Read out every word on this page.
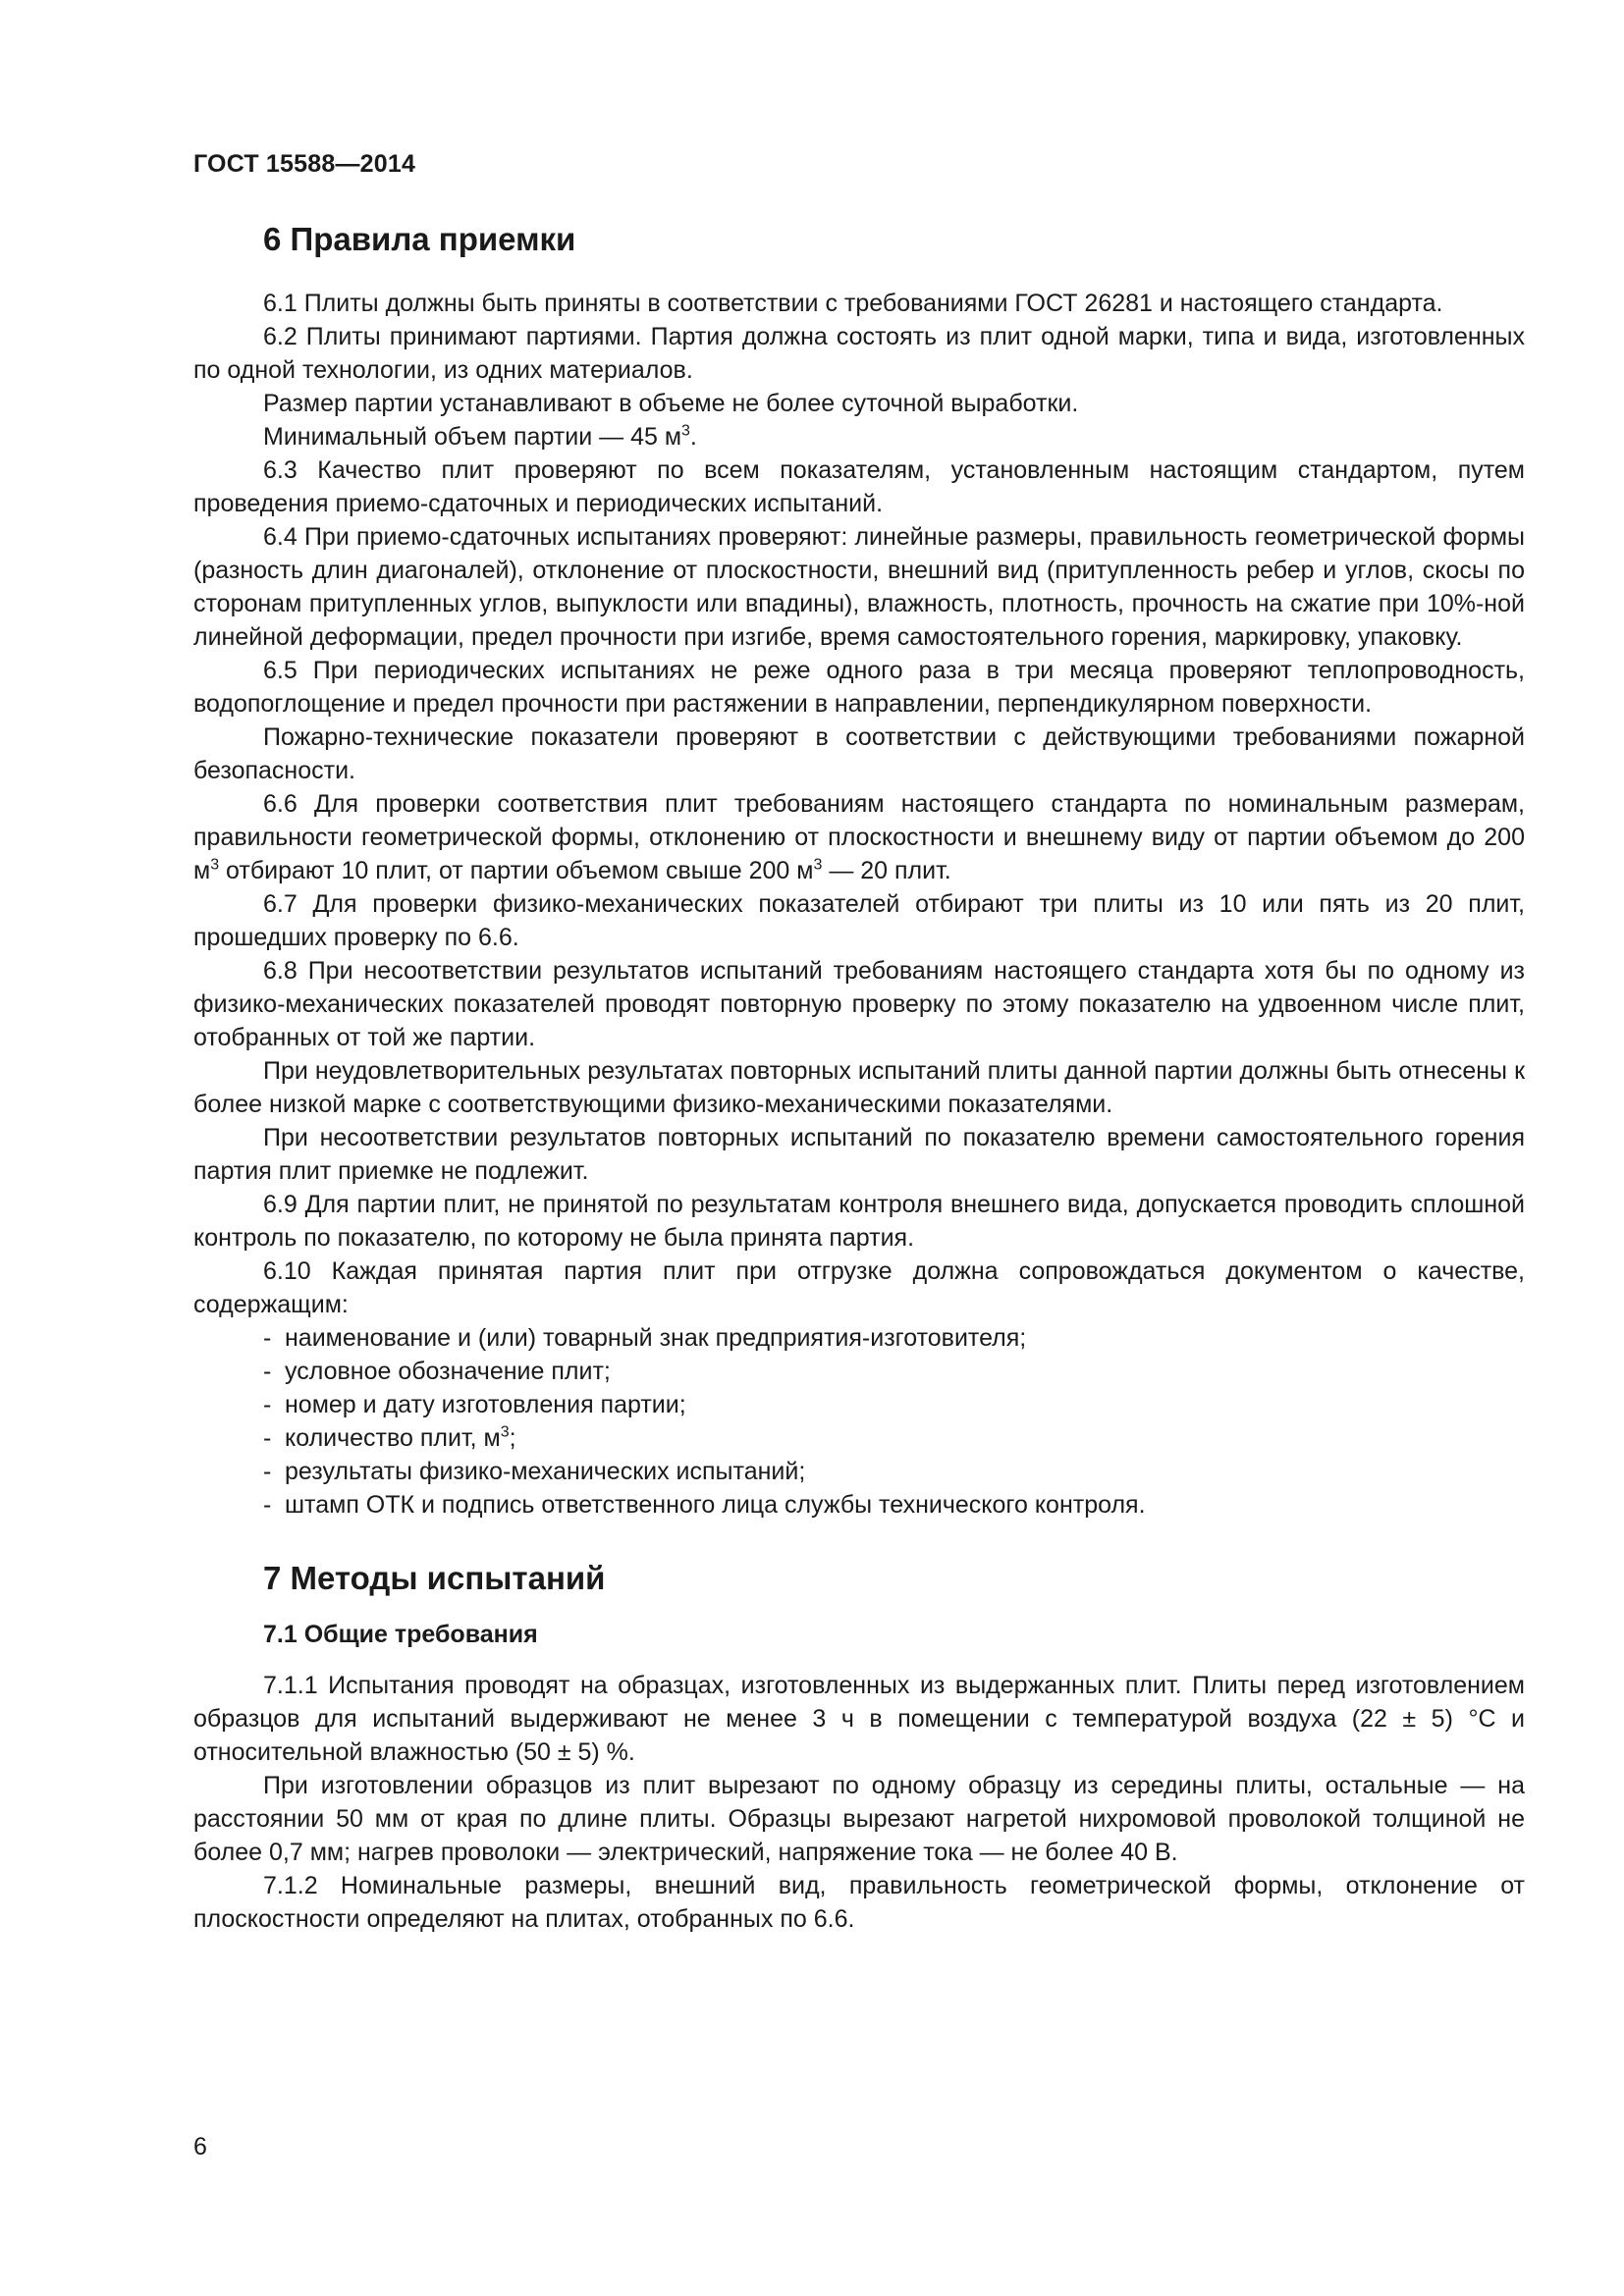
ГОСТ 15588—2014
6 Правила приемки

6.1 Плиты должны быть приняты в соответствии с требованиями ГОСТ 26281 и настоящего стандарта.

6.2 Плиты принимают партиями. Партия должна состоять из плит одной марки, типа и вида, изготовленных по одной технологии, из одних материалов.

Размер партии устанавливают в объеме не более суточной выработки.

Минимальный объем партии — 45 $м^3$.

6.3 Качество плит проверяют по всем показателям, установленным настоящим стандартом, путем проведения приемо-сдаточных и периодических испытаний.

6.4 При приемо-сдаточных испытаниях проверяют: линейные размеры, правильность геометрической формы (разность длин диагоналей), отклонение от плоскостности, внешний вид (притупленность ребер и углов, скосы по сторонам притупленных углов, выпуклости или впадины), влажность, плотность, прочность на сжатие при 10%-ной линейной деформации, предел прочности при изгибе, время самостоятельного горения, маркировку, упаковку.

6.5 При периодических испытаниях не реже одного раза в три месяца проверяют теплопроводность, водопоглощение и предел прочности при растяжении в направлении, перпендикулярном поверхности.

Пожарно-технические показатели проверяют в соответствии с действующими требованиями пожарной безопасности.

6.6 Для проверки соответствия плит требованиям настоящего стандарта по номинальным размерам, правильности геометрической формы, отклонению от плоскостности и внешнему виду от партии объемом до 200 $м^3$ отбирают 10 плит, от партии объемом свыше 200 $м^3$ — 20 плит.

6.7 Для проверки физико-механических показателей отбирают три плиты из 10 или пять из 20 плит, прошедших проверку по 6.6.

6.8 При несоответствии результатов испытаний требованиям настоящего стандарта хотя бы по одному из физико-механических показателей проводят повторную проверку по этому показателю на удвоенном числе плит, отобранных от той же партии.

При неудовлетворительных результатах повторных испытаний плиты данной партии должны быть отнесены к более низкой марке с соответствующими физико-механическими показателями.

При несоответствии результатов повторных испытаний по показателю времени самостоятельного горения партия плит приемке не подлежит.

6.9 Для партии плит, не принятой по результатам контроля внешнего вида, допускается проводить сплошной контроль по показателю, по которому не была принята партия.

6.10 Каждая принятая партия плит при отгрузке должна сопровождаться документом о качестве, содержащим:

- наименование и (или) товарный знак предприятия-изготовителя;
- условное обозначение плит;
- номер и дату изготовления партии;
- количество плит, $м^3$;
- результаты физико-механических испытаний;
- штамп ОТК и подпись ответственного лица службы технического контроля.
7 Методы испытаний
7.1 Общие требования

7.1.1 Испытания проводят на образцах, изготовленных из выдержанных плит. Плиты перед изготовлением образцов для испытаний выдерживают не менее 3 ч в помещении с температурой воздуха (22 ± 5) °С и относительной влажностью (50 ± 5) %.

При изготовлении образцов из плит вырезают по одному образцу из середины плиты, остальные — на расстоянии 50 мм от края по длине плиты. Образцы вырезают нагретой нихромовой проволокой толщиной не более 0,7 мм; нагрев проволоки — электрический, напряжение тока — не более 40 В.

7.1.2 Номинальные размеры, внешний вид, правильность геометрической формы, отклонение от плоскостности определяют на плитах, отобранных по 6.6.

6
